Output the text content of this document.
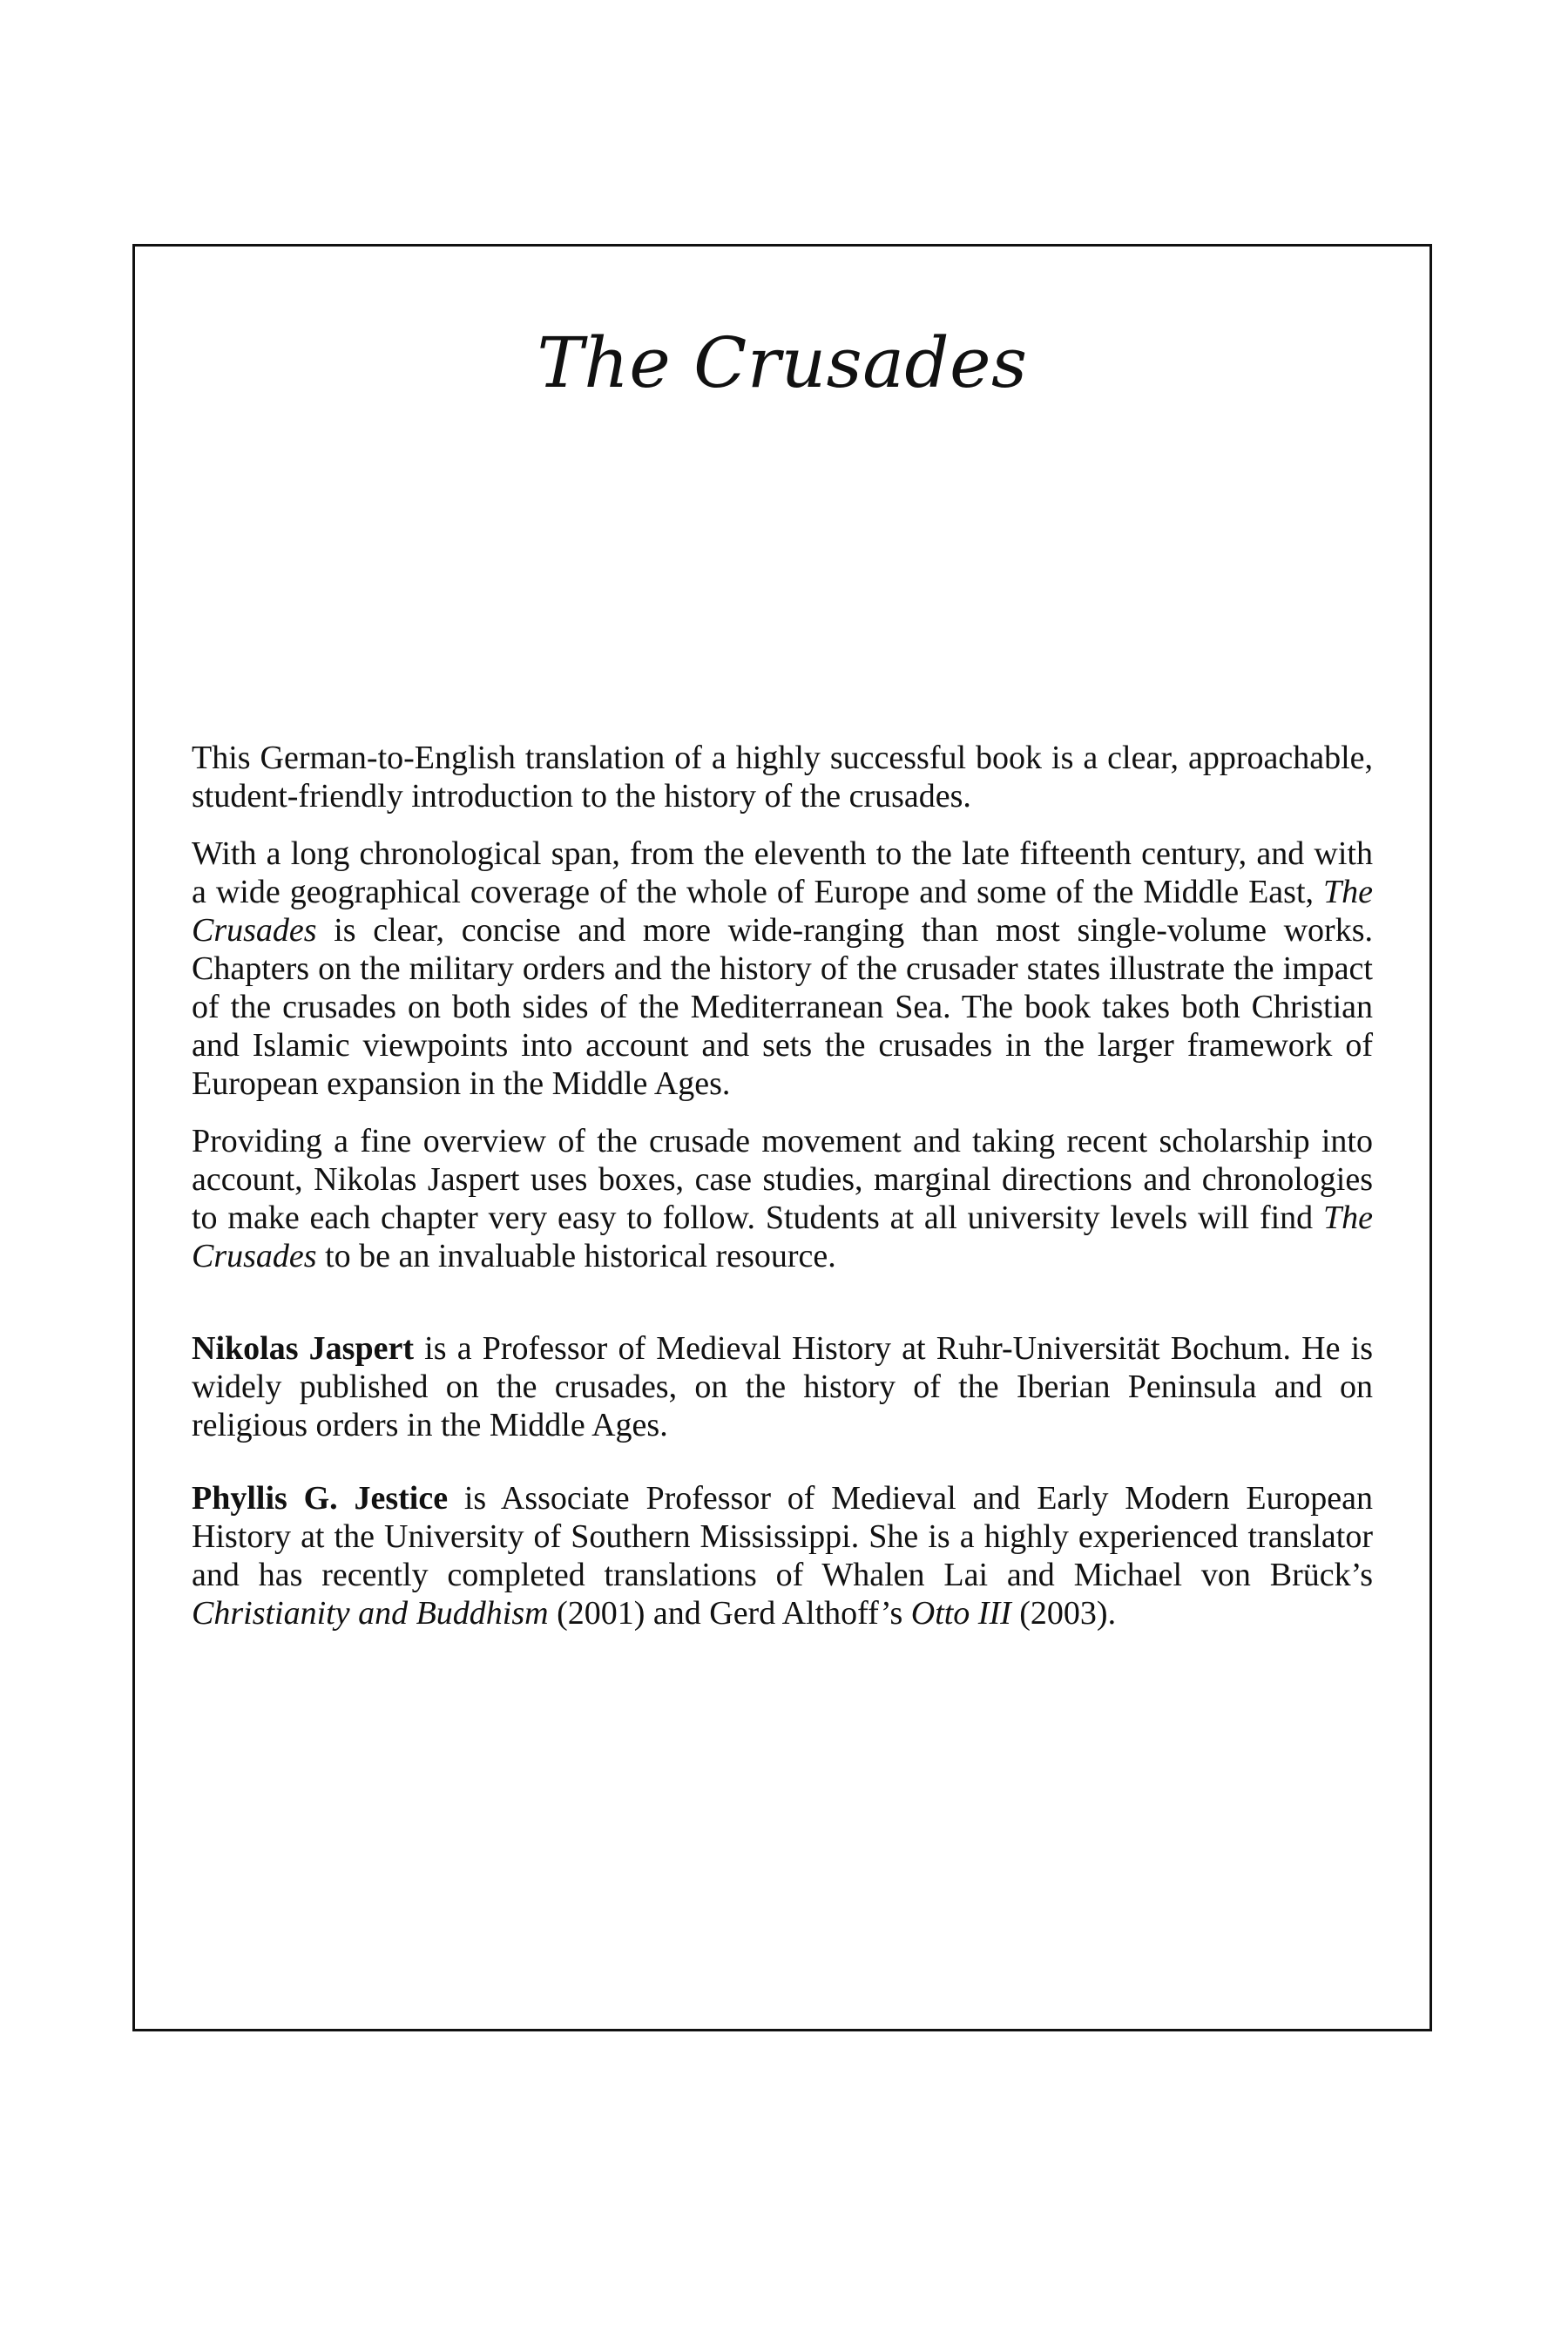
The Crusades

This German-to-English translation of a highly successful book is a clear, approachable, student-friendly introduction to the history of the crusades.

With a long chronological span, from the eleventh to the late fifteenth century, and with a wide geographical coverage of the whole of Europe and some of the Middle East, The Crusades is clear, concise and more wide-ranging than most single-volume works. Chapters on the military orders and the history of the crusader states illustrate the impact of the crusades on both sides of the Mediterranean Sea. The book takes both Christian and Islamic viewpoints into account and sets the crusades in the larger framework of European expansion in the Middle Ages.

Providing a fine overview of the crusade movement and taking recent scholarship into account, Nikolas Jaspert uses boxes, case studies, marginal directions and chronologies to make each chapter very easy to follow. Students at all university levels will find The Crusades to be an invaluable historical resource.

Nikolas Jaspert is a Professor of Medieval History at Ruhr-Universität Bochum. He is widely published on the crusades, on the history of the Iberian Peninsula and on religious orders in the Middle Ages.

Phyllis G. Jestice is Associate Professor of Medieval and Early Modern European History at the University of Southern Mississippi. She is a highly experienced translator and has recently completed translations of Whalen Lai and Michael von Brück’s Christianity and Buddhism (2001) and Gerd Althoff’s Otto III (2003).
